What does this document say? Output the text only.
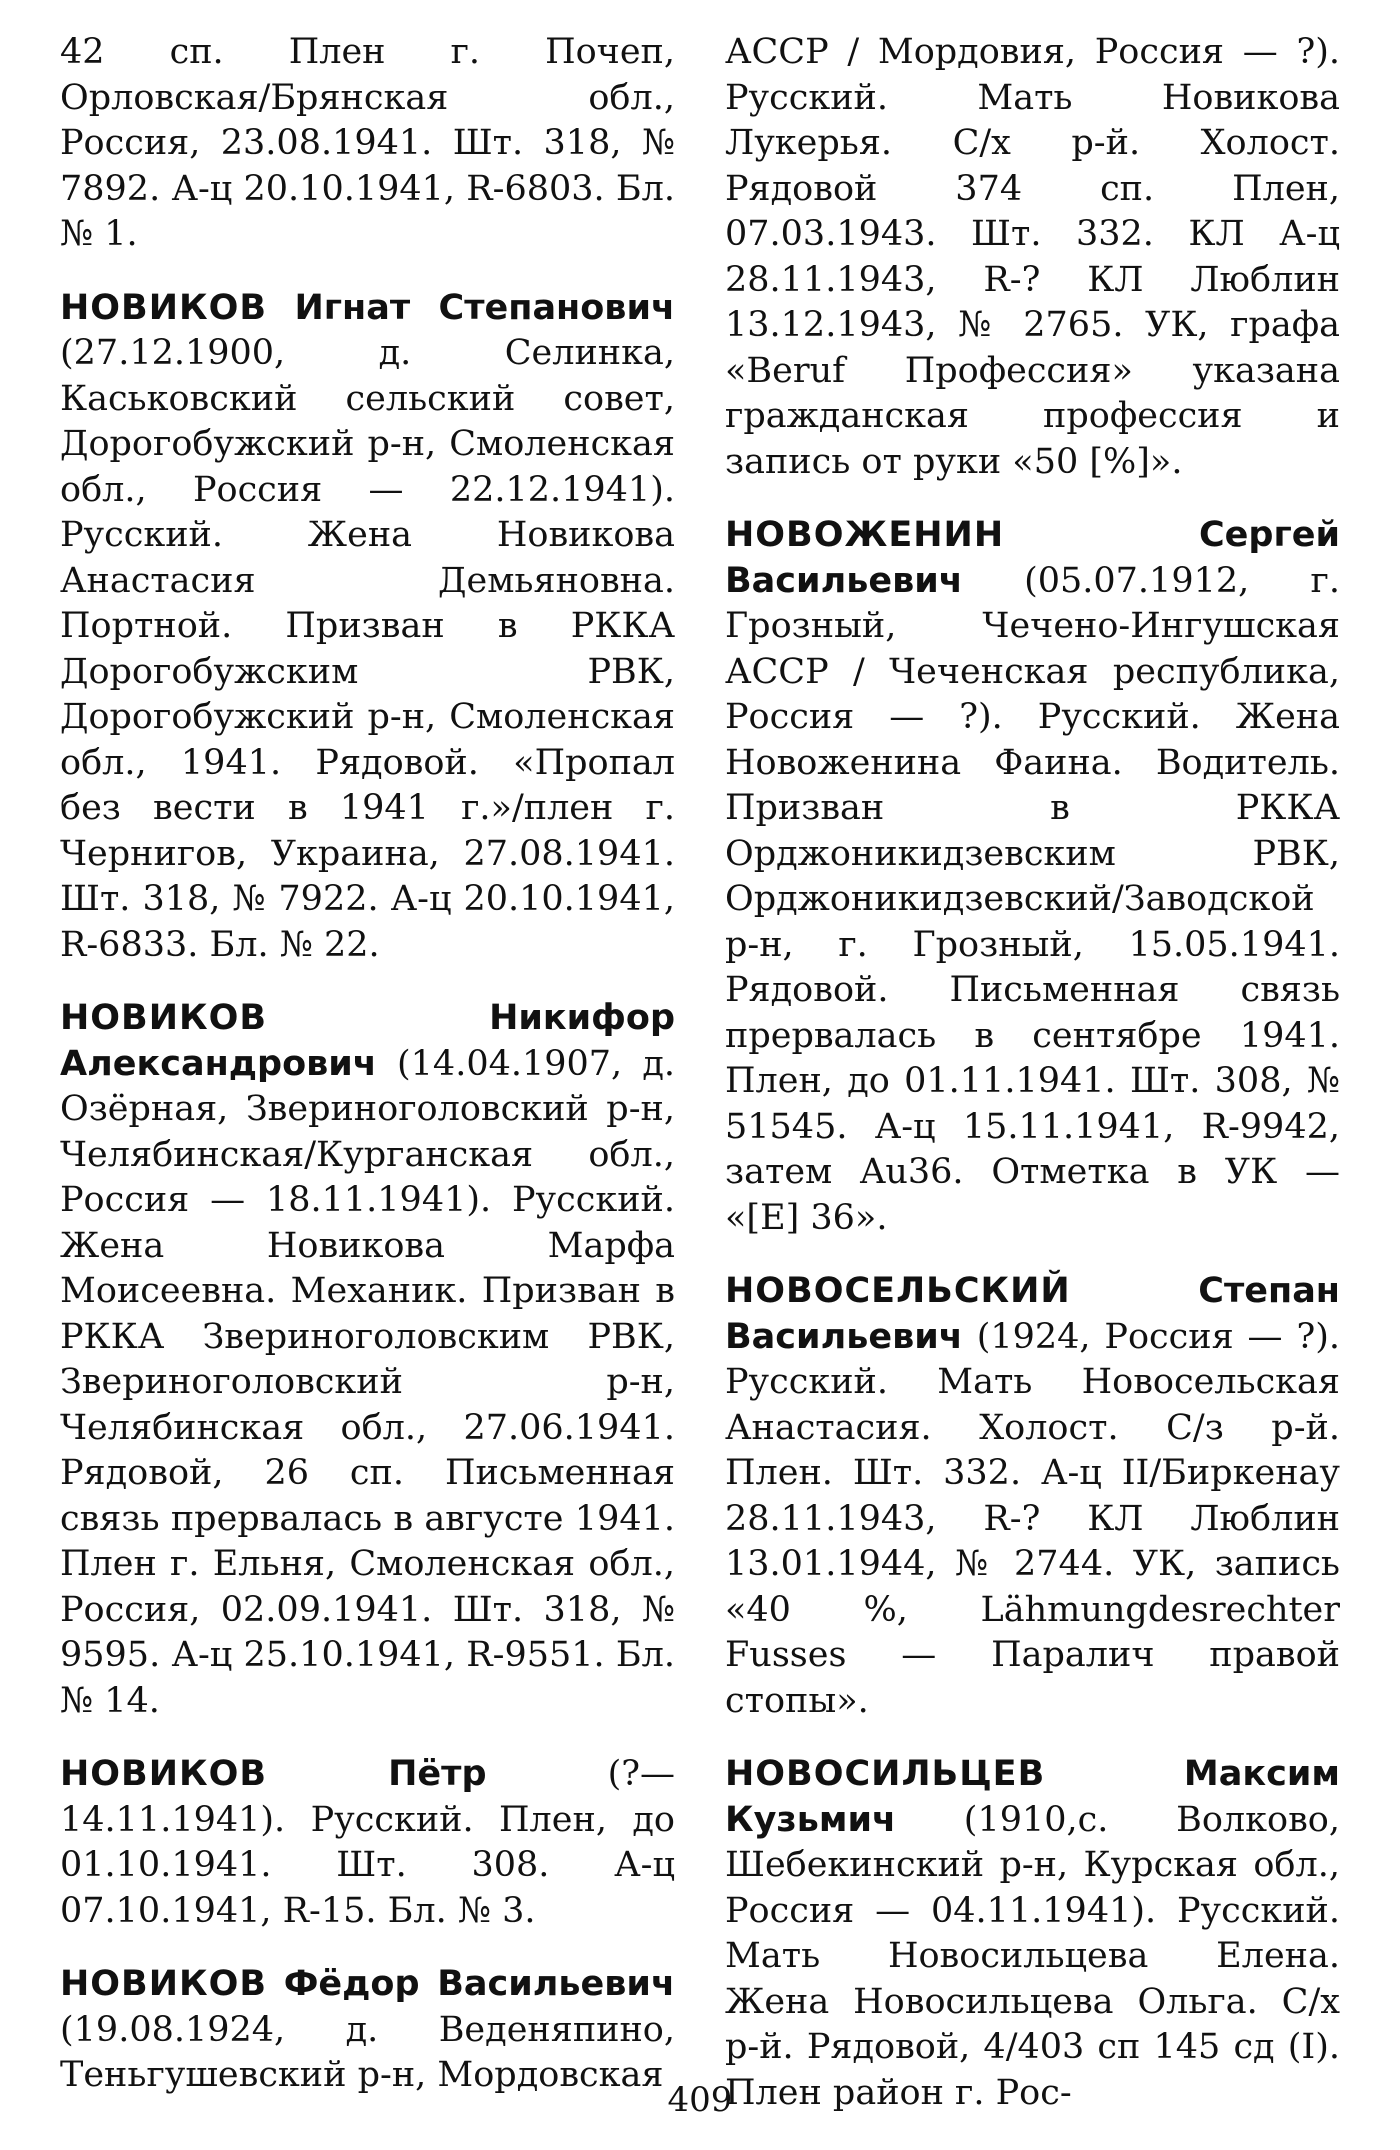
42 сп. Плен г. Почеп, Орловская/Брянская обл., Россия, 23.08.1941. Шт. 318, № 7892. А-ц 20.10.1941, R-6803. Бл. № 1.

НОВИКОВ Игнат Степанович (27.12.1900, д. Селинка, Каськовский сельский совет, Дорогобужский р-н, Смоленская обл., Россия — 22.12.1941). Русский. Жена Новикова Анастасия Демьяновна. Портной. Призван в РККА Дорогобужским РВК, Дорогобужский р-н, Смоленская обл., 1941. Рядовой. «Пропал без вести в 1941 г.»/плен г. Чернигов, Украина, 27.08.1941. Шт. 318, № 7922. А-ц 20.10.1941, R-6833. Бл. № 22.

НОВИКОВ	Никифор Александрович (14.04.1907, д. Озёрная, Звериноголовский р-н, Челябинская/Курганская обл., Россия — 18.11.1941). Русский. Жена Новикова Марфа Моисеевна. Механик. Призван в РККА Звериноголовским РВК, Звериноголовский р-н, Челябинская обл., 27.06.1941. Рядовой, 26 сп. Письменная связь прервалась в августе 1941. Плен г. Ельня, Смоленская обл., Россия, 02.09.1941. Шт. 318, № 9595. А-ц 25.10.1941, R-9551. Бл. № 14.

НОВИКОВ	Пётр	(?—14.11.1941). Русский. Плен, до 01.10.1941. Шт. 308. А-ц 07.10.1941, R-15. Бл. № 3.

НОВИКОВ Фёдор Васильевич (19.08.1924, д. Веденяпино, Теньгушевский р-н, Мордовская

АССР / Мордовия, Россия — ?). Русский. Мать Новикова Лукерья. С/х р-й. Холост. Рядовой 374 сп. Плен, 07.03.1943. Шт. 332. КЛ А-ц 28.11.1943, R-? КЛ Люблин 13.12.1943, № 2765. УК, графа «Beruf Профессия» указана гражданская профессия и запись от руки «50 [%]».

НОВОЖЕНИН	Сергей Васильевич (05.07.1912, г. Грозный, Чечено-Ингушская АССР / Чеченская республика, Россия — ?). Русский. Жена Новоженина Фаина. Водитель. Призван в РККА Орджоникидзевским РВК, Орджоникидзевский/Заводской р-н, г. Грозный, 15.05.1941. Рядовой. Письменная связь прервалась в сентябре 1941. Плен, до 01.11.1941. Шт. 308, № 51545. А-ц 15.11.1941, R-9942, затем Au36. Отметка в УК — «[E] 36».

НОВОСЕЛЬСКИЙ	Степан Васильевич (1924, Россия — ?). Русский. Мать Новосельская Анастасия. Холост. С/з р-й. Плен. Шт. 332. А-ц II/Биркенау 28.11.1943, R-? КЛ Люблин 13.01.1944, № 2744. УК, запись «40 %, Lähmungdesrechter Fusses — Паралич правой стопы».

НОВОСИЛЬЦЕВ	Максим Кузьмич (1910,с. Волково, Шебекинский р-н, Курская обл., Россия — 04.11.1941). Русский. Мать Новосильцева Елена. Жена Новосильцева Ольга. С/х р-й. Рядовой, 4/403 сп 145 сд (I). Плен район г. Рос-

409
